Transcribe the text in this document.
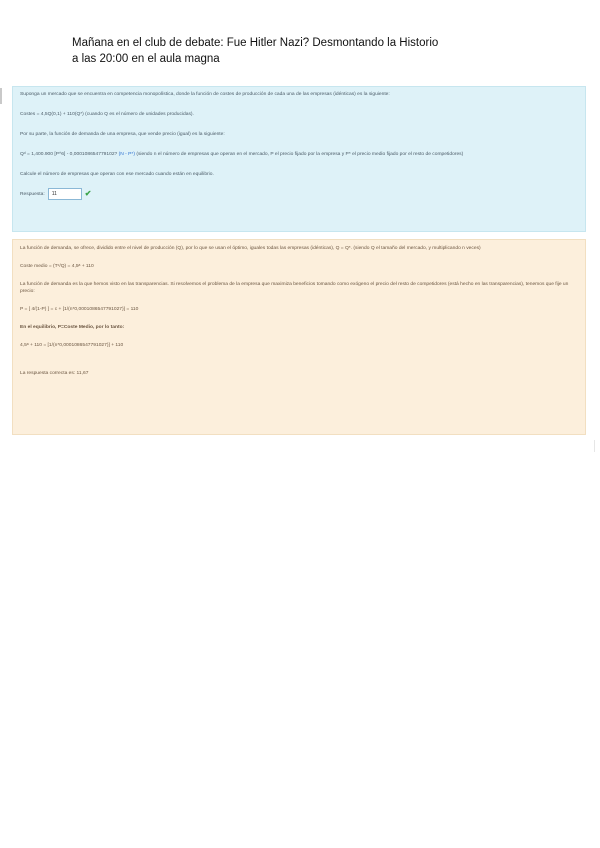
Mañana en el club de debate: Fue Hitler Nazi? Desmontando la Historio
a las 20:00 en el aula magna

Suponga un mercado que se encuentra en competencia monopolística, donde la función de costes de producción de cada una de las empresas (idénticas) es la siguiente:

Costes = 4,5Q(0,1) + 110(Q*) (cuando Q es el número de unidades producidas).

Por su parte, la función de demanda de una empresa, que vende precio (igual) es la siguiente:

Qᵈ = 1,400.900 [P^6] - 0,000108654779102? (N - P*) (siendo n el número de empresas que operan en el mercado, P el precio fijado por la empresa y P* el precio medio fijado por el resto de competidores)

Calcule el número de empresas que operan con ese mercado cuando están en equilibrio.

Respuesta:
11	✔

La función de demanda, se ofrece, dividido entre el nivel de producción (Q), por lo que se usan el óptimo, iguales todas las empresas (idénticas), Q = Q*. (siendo Q el tamaño del mercado, y multiplicando n veces)

Coste medio = (Tᶜ/Q) = 4,5ᵃ + 110

La función de demanda es la que hemos visto en las transparencias. Si resolvemos el problema de la empresa que maximiza beneficios tomando como exógeno el precio del resto de competidores (está hecho en las transparencias), tenemos que fije un precio:

P = [ 4/(1-P) ] = c + [1/(n*0,0001086547791027)] = 110

En el equilibrio, P=Coste Medio, por lo tanto:

4,5ᵃ + 110 = [1/(n*0,0001086547791027)] + 110

La respuesta correcta es: 11,67
